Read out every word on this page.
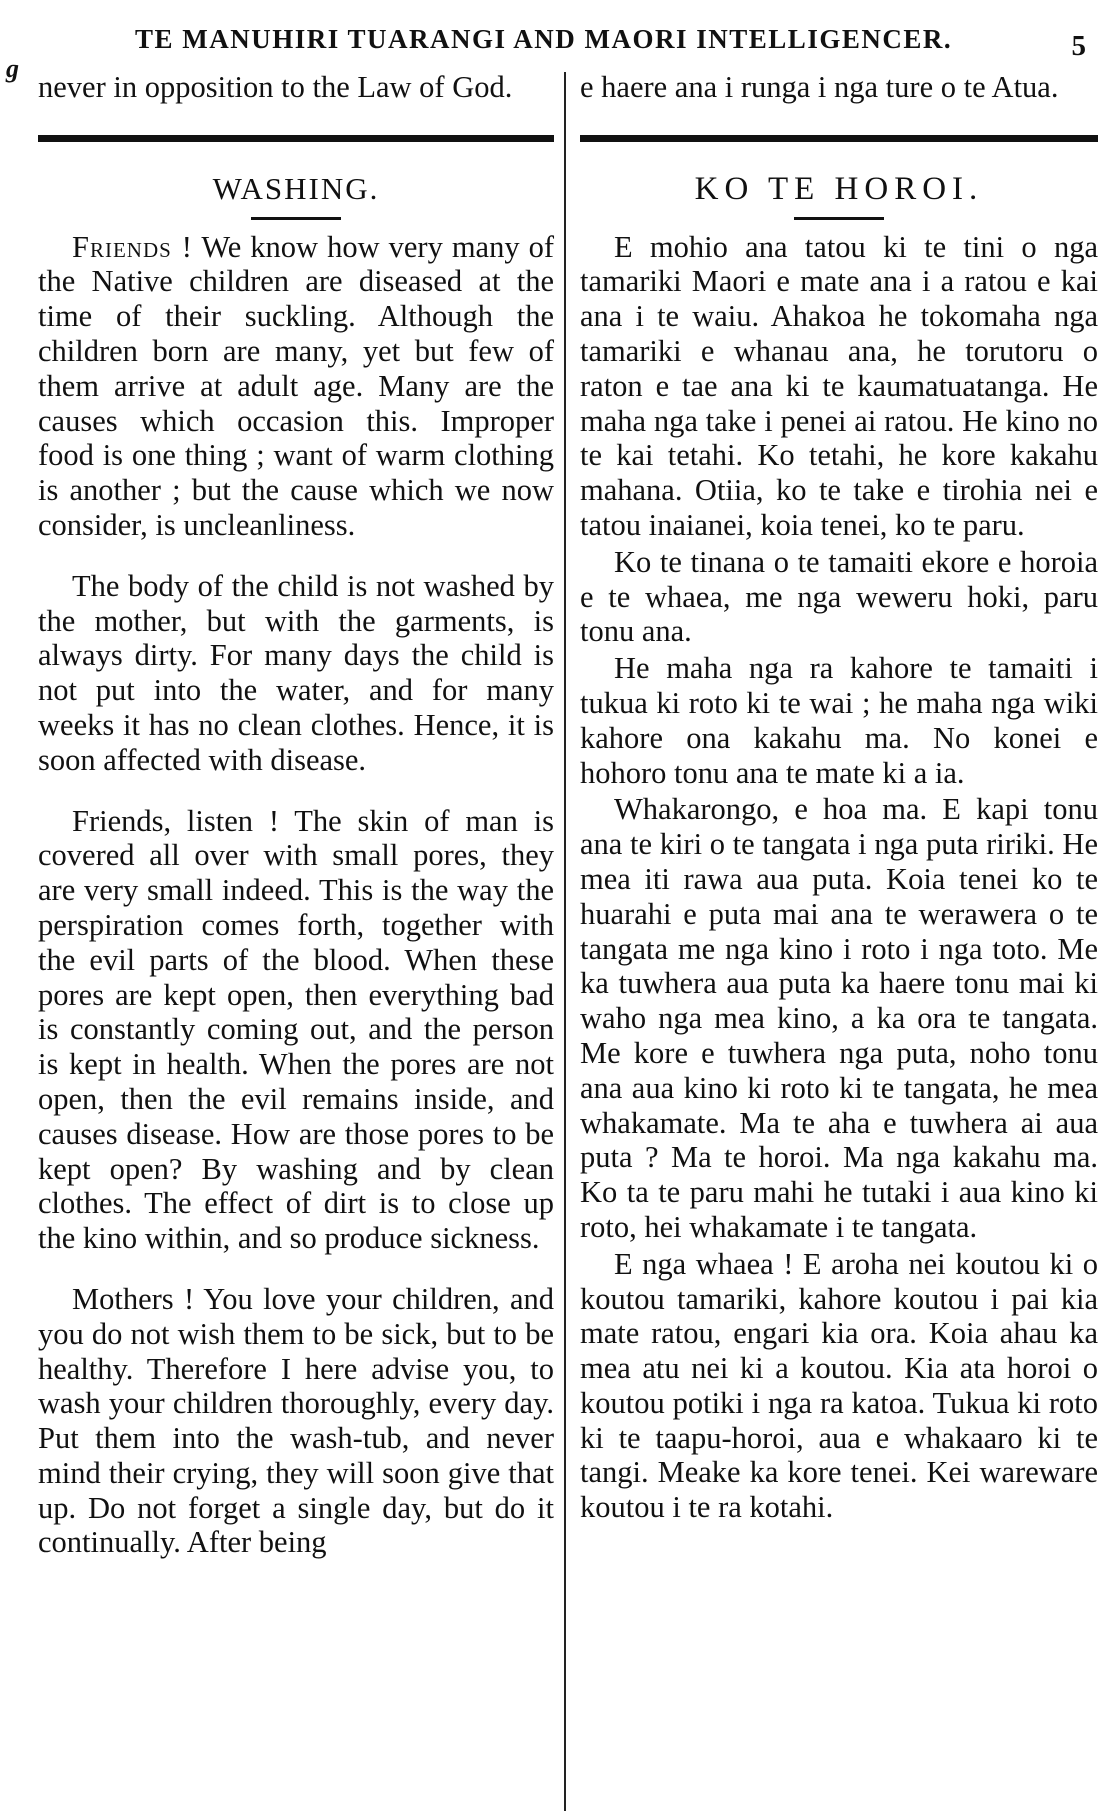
g
TE MANUHIRI TUARANGI AND MAORI INTELLIGENCER.	5

never in opposition to the Law of God.

WASHING.

Friends ! We know how very many of the Native children are diseased at the time of their suckling. Although the children born are many, yet but few of them arrive at adult age. Many are the causes which occasion this. Improper food is one thing ; want of warm clothing is another ; but the cause which we now consider, is uncleanliness.

The body of the child is not washed by the mother, but with the garments, is always dirty. For many days the child is not put into the water, and for many weeks it has no clean clothes. Hence, it is soon affected with disease.

Friends, listen ! The skin of man is covered all over with small pores, they are very small indeed. This is the way the perspiration comes forth, together with the evil parts of the blood. When these pores are kept open, then everything bad is constantly coming out, and the person is kept in health. When the pores are not open, then the evil remains inside, and causes disease. How are those pores to be kept open? By washing and by clean clothes. The effect of dirt is to close up the kino within, and so produce sickness.

Mothers ! You love your children, and you do not wish them to be sick, but to be healthy. Therefore I here advise you, to wash your children thoroughly, every day. Put them into the wash-tub, and never mind their crying, they will soon give that up. Do not forget a single day, but do it continually. After being

e haere ana i runga i nga ture o te Atua.

KO TE HOROI.

E mohio ana tatou ki te tini o nga tamariki Maori e mate ana i a ratou e kai ana i te waiu. Ahakoa he tokomaha nga tamariki e whanau ana, he torutoru o raton e tae ana ki te kaumatuatanga. He maha nga take i penei ai ratou. He kino no te kai tetahi. Ko tetahi, he kore kakahu mahana. Otiia, ko te take e tirohia nei e tatou inaianei, koia tenei, ko te paru.

Ko te tinana o te tamaiti ekore e horoia e te whaea, me nga weweru hoki, paru tonu ana.

He maha nga ra kahore te tamaiti i tukua ki roto ki te wai ; he maha nga wiki kahore ona kakahu ma. No konei e hohoro tonu ana te mate ki a ia.

Whakarongo, e hoa ma. E kapi tonu ana te kiri o te tangata i nga puta ririki. He mea iti rawa aua puta. Koia tenei ko te huarahi e puta mai ana te werawera o te tangata me nga kino i roto i nga toto. Me ka tuwhera aua puta ka haere tonu mai ki waho nga mea kino, a ka ora te tangata. Me kore e tuwhera nga puta, noho tonu ana aua kino ki roto ki te tangata, he mea whakamate. Ma te aha e tuwhera ai aua puta ? Ma te horoi. Ma nga kakahu ma. Ko ta te paru mahi he tutaki i aua kino ki roto, hei whakamate i te tangata.

E nga whaea ! E aroha nei koutou ki o koutou tamariki, kahore koutou i pai kia mate ratou, engari kia ora. Koia ahau ka mea atu nei ki a koutou. Kia ata horoi o koutou potiki i nga ra katoa. Tukua ki roto ki te taapu-horoi, aua e whakaaro ki te tangi. Meake ka kore tenei. Kei wareware koutou i te ra kotahi.
